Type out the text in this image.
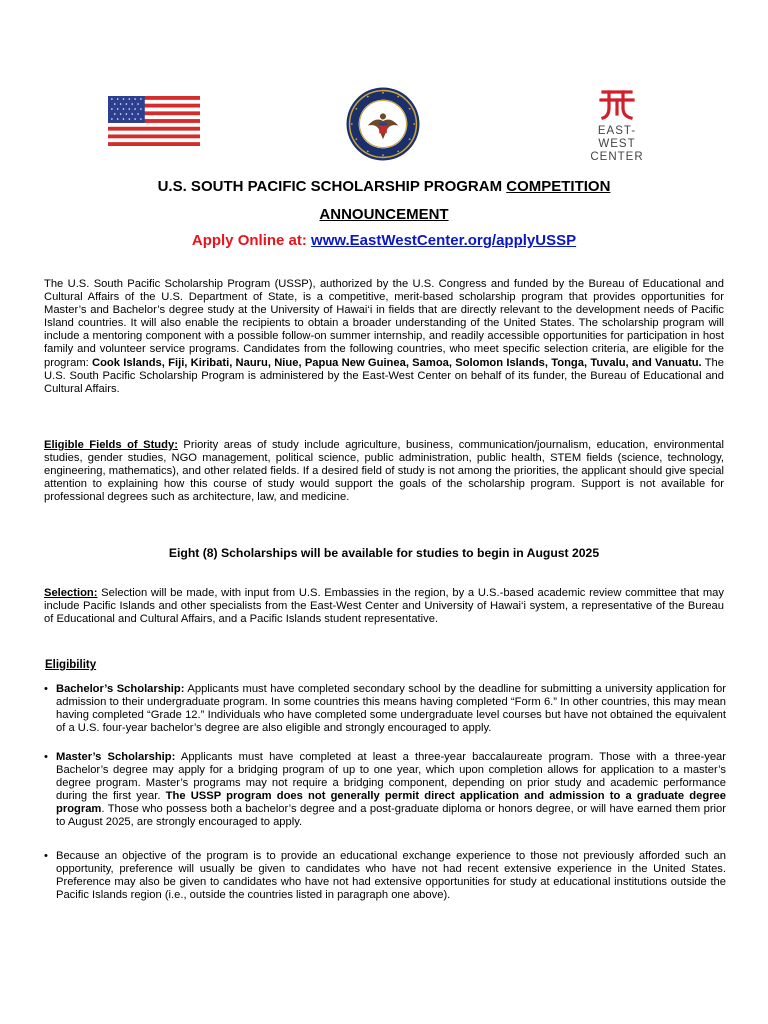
EAST-WEST
CENTER
U.S. SOUTH PACIFIC SCHOLARSHIP PROGRAM COMPETITION
ANNOUNCEMENT
Apply Online at: www.EastWestCenter.org/applyUSSP

The U.S. South Pacific Scholarship Program (USSP), authorized by the U.S. Congress and funded by the Bureau of Educational and Cultural Affairs of the U.S. Department of State, is a competitive, merit-based scholarship program that provides opportunities for Master’s and Bachelor’s degree study at the University of Hawai‘i in fields that are directly relevant to the development needs of Pacific Island countries. It will also enable the recipients to obtain a broader understanding of the United States. The scholarship program will include a mentoring component with a possible follow-on summer internship, and readily accessible opportunities for participation in host family and volunteer service programs. Candidates from the following countries, who meet specific selection criteria, are eligible for the program: Cook Islands, Fiji, Kiribati, Nauru, Niue, Papua New Guinea, Samoa, Solomon Islands, Tonga, Tuvalu, and Vanuatu. The U.S. South Pacific Scholarship Program is administered by the East-West Center on behalf of its funder, the Bureau of Educational and Cultural Affairs.

Eligible Fields of Study: Priority areas of study include agriculture, business, communication/journalism, education, environmental studies, gender studies, NGO management, political science, public administration, public health, STEM fields (science, technology, engineering, mathematics), and other related fields. If a desired field of study is not among the priorities, the applicant should give special attention to explaining how this course of study would support the goals of the scholarship program. Support is not available for professional degrees such as architecture, law, and medicine.

Eight (8) Scholarships will be available for studies to begin in August 2025

Selection: Selection will be made, with input from U.S. Embassies in the region, by a U.S.-based academic review committee that may include Pacific Islands and other specialists from the East-West Center and University of Hawai‘i system, a representative of the Bureau of Educational and Cultural Affairs, and a Pacific Islands student representative.

Eligibility
• Bachelor’s Scholarship: Applicants must have completed secondary school by the deadline for submitting a university application for admission to their undergraduate program. In some countries this means having completed “Form 6.” In other countries, this may mean having completed “Grade 12.” Individuals who have completed some undergraduate level courses but have not obtained the equivalent of a U.S. four-year bachelor’s degree are also eligible and strongly encouraged to apply.
• Master’s Scholarship: Applicants must have completed at least a three-year baccalaureate program. Those with a three-year Bachelor’s degree may apply for a bridging program of up to one year, which upon completion allows for application to a master’s degree program. Master’s programs may not require a bridging component, depending on prior study and academic performance during the first year. The USSP program does not generally permit direct application and admission to a graduate degree program. Those who possess both a bachelor’s degree and a post-graduate diploma or honors degree, or will have earned them prior to August 2025, are strongly encouraged to apply.
• Because an objective of the program is to provide an educational exchange experience to those not previously afforded such an opportunity, preference will usually be given to candidates who have not had recent extensive experience in the United States. Preference may also be given to candidates who have not had extensive opportunities for study at educational institutions outside the Pacific Islands region (i.e., outside the countries listed in paragraph one above).
